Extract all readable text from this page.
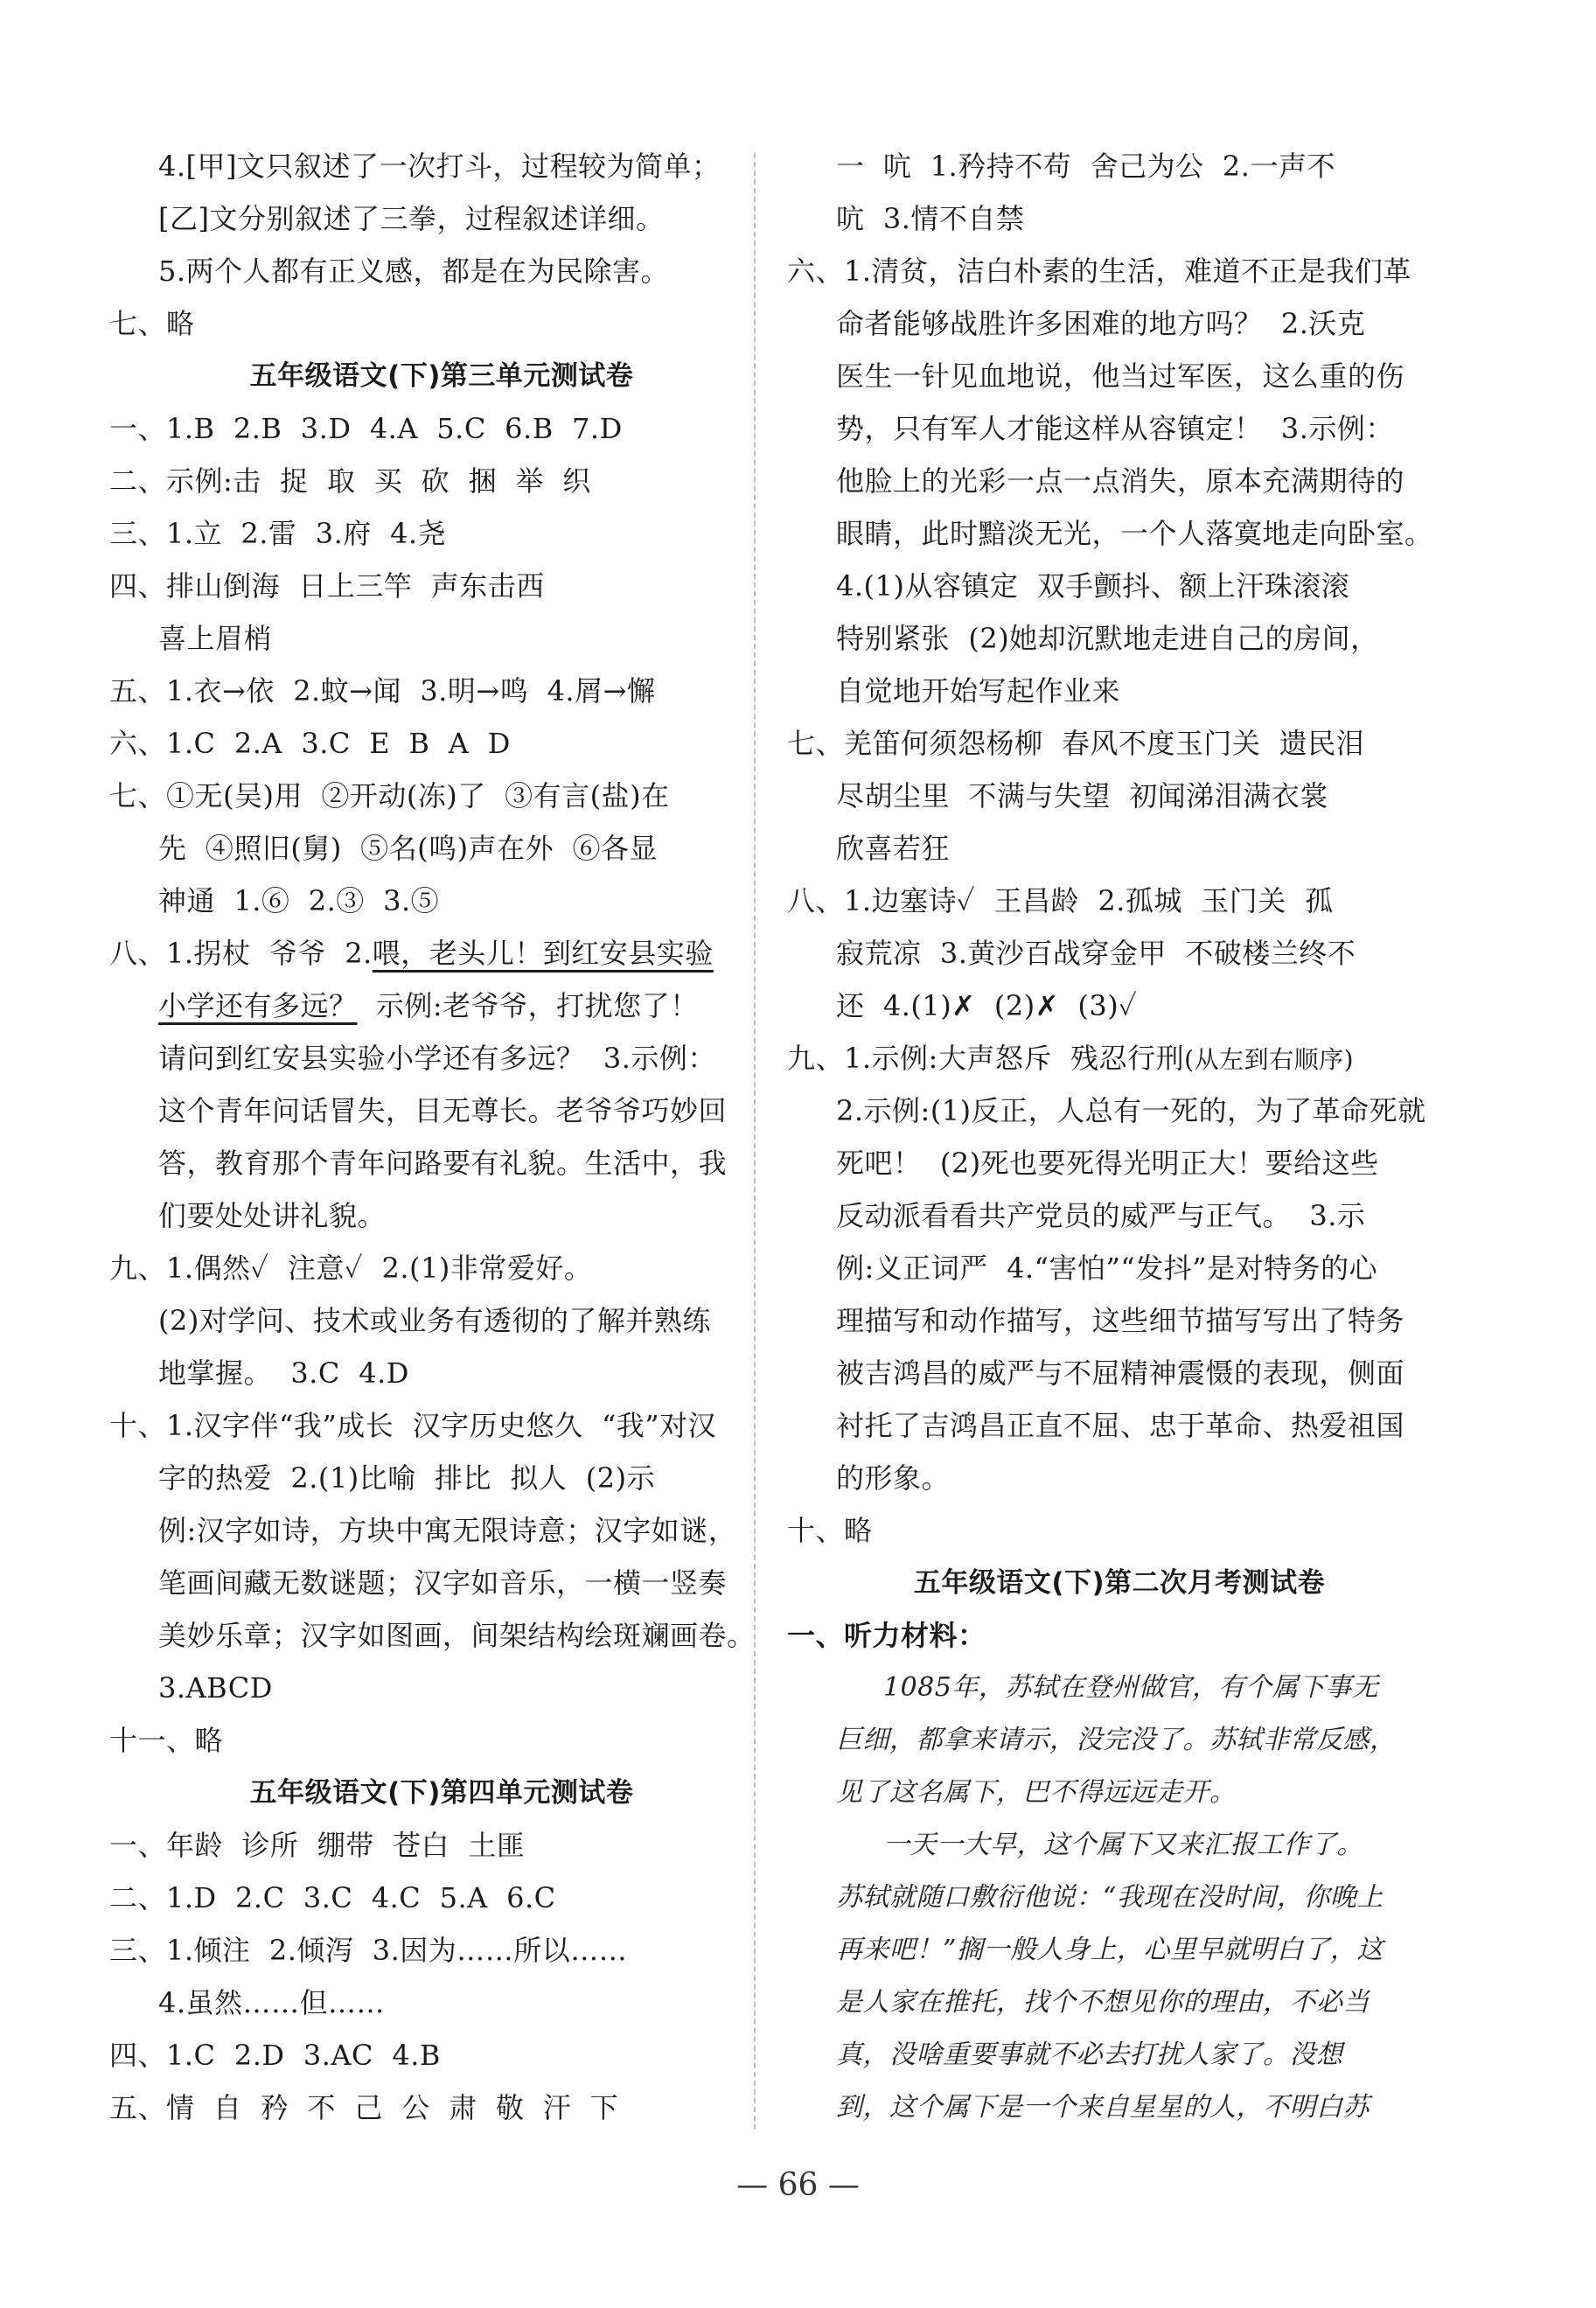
4.[甲]文只叙述了一次打斗，过程较为简单；
[乙]文分别叙述了三拳，过程叙述详细。
5.两个人都有正义感，都是在为民除害。
七、略
五年级语文(下)第三单元测试卷
一、1.B  2.B  3.D  4.A  5.C  6.B  7.D
二、示例:击  捉  取  买  砍  捆  举  织
三、1.立  2.雷  3.府  4.尧
四、排山倒海  日上三竿  声东击西
喜上眉梢
五、1.衣→依  2.蚊→闻  3.明→鸣  4.屑→懈
六、1.C  2.A  3.C  E  B  A  D
七、①无(吴)用  ②开动(冻)了  ③有言(盐)在
先  ④照旧(舅)  ⑤名(鸣)声在外  ⑥各显
神通  1.⑥  2.③  3.⑤
八、1.拐杖  爷爷  2.喂，老头儿！到红安县实验
小学还有多远？  示例:老爷爷，打扰您了！
请问到红安县实验小学还有多远？  3.示例：
这个青年问话冒失，目无尊长。老爷爷巧妙回
答，教育那个青年问路要有礼貌。生活中，我
们要处处讲礼貌。
九、1.偶然✓  注意✓  2.(1)非常爱好。
(2)对学问、技术或业务有透彻的了解并熟练
地掌握。  3.C  4.D
十、1.汉字伴“我”成长  汉字历史悠久  “我”对汉
字的热爱  2.(1)比喻  排比  拟人  (2)示
例:汉字如诗，方块中寓无限诗意；汉字如谜，
笔画间藏无数谜题；汉字如音乐，一横一竖奏
美妙乐章；汉字如图画，间架结构绘斑斓画卷。
3.ABCD
十一、略
五年级语文(下)第四单元测试卷
一、年龄  诊所  绷带  苍白  土匪
二、1.D  2.C  3.C  4.C  5.A  6.C
三、1.倾注  2.倾泻  3.因为……所以……
4.虽然……但……
四、1.C  2.D  3.AC  4.B
五、情  自  矜  不  己  公  肃  敬  汗  下
一  吭  1.矜持不苟  舍己为公  2.一声不
吭  3.情不自禁
六、1.清贫，洁白朴素的生活，难道不正是我们革
命者能够战胜许多困难的地方吗？  2.沃克
医生一针见血地说，他当过军医，这么重的伤
势，只有军人才能这样从容镇定！  3.示例：
他脸上的光彩一点一点消失，原本充满期待的
眼睛，此时黯淡无光，一个人落寞地走向卧室。
4.(1)从容镇定  双手颤抖、额上汗珠滚滚
特别紧张  (2)她却沉默地走进自己的房间，
自觉地开始写起作业来
七、羌笛何须怨杨柳  春风不度玉门关  遗民泪
尽胡尘里  不满与失望  初闻涕泪满衣裳
欣喜若狂
八、1.边塞诗✓  王昌龄  2.孤城  玉门关  孤
寂荒凉  3.黄沙百战穿金甲  不破楼兰终不
还  4.(1)✗  (2)✗  (3)✓
九、1.示例:大声怒斥  残忍行刑(从左到右顺序)
2.示例:(1)反正，人总有一死的，为了革命死就
死吧！  (2)死也要死得光明正大！要给这些
反动派看看共产党员的威严与正气。  3.示
例:义正词严  4.“害怕”“发抖”是对特务的心
理描写和动作描写，这些细节描写写出了特务
被吉鸿昌的威严与不屈精神震慑的表现，侧面
衬托了吉鸿昌正直不屈、忠于革命、热爱祖国
的形象。
十、略
五年级语文(下)第二次月考测试卷
一、听力材料：
1085年，苏轼在登州做官，有个属下事无
巨细，都拿来请示，没完没了。苏轼非常反感，
见了这名属下，巴不得远远走开。
一天一大早，这个属下又来汇报工作了。
苏轼就随口敷衍他说：“我现在没时间，你晚上
再来吧！”搁一般人身上，心里早就明白了，这
是人家在推托，找个不想见你的理由，不必当
真，没啥重要事就不必去打扰人家了。没想
到，这个属下是一个来自星星的人，不明白苏
— 66 —
